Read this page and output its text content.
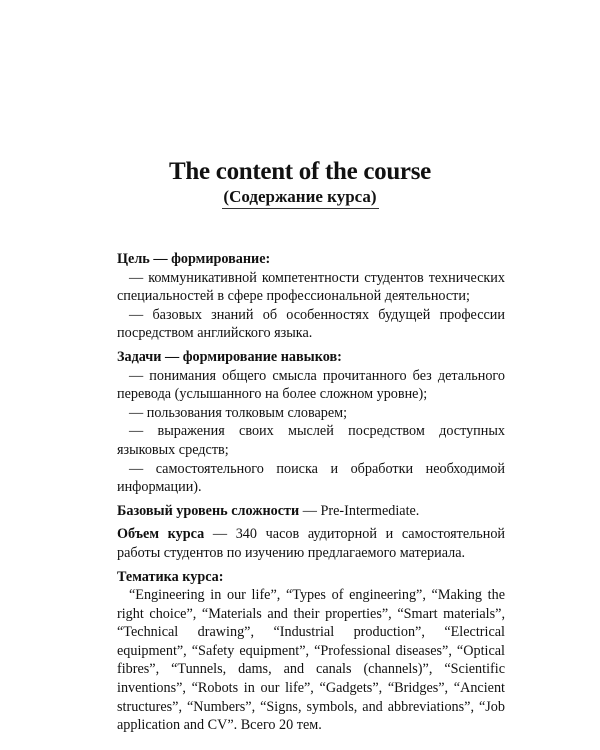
The content of the course
(Содержание курса)

Цель — формирование:

— коммуникативной компетентности студентов технических специальностей в сфере профессиональной деятельности;

— базовых знаний об особенностях будущей профессии посредством английского языка.

Задачи — формирование навыков:

— понимания общего смысла прочитанного без детального перевода (услышанного на более сложном уровне);

— пользования толковым словарем;

— выражения своих мыслей посредством доступных языковых средств;

— самостоятельного поиска и обработки необходимой информации).

Базовый уровень сложности — Pre-Intermediate.

Объем курса — 340 часов аудиторной и самостоятельной работы студентов по изучению предлагаемого материала.

Тематика курса:

“Engineering in our life”, “Types of engineering”, “Making the right choice”, “Materials and their properties”, “Smart materials”, “Technical drawing”, “Industrial production”, “Electrical equipment”, “Safety equipment”, “Professional diseases”, “Optical fibres”, “Tunnels, dams, and canals (channels)”, “Scientific inventions”, “Robots in our life”, “Gadgets”, “Bridges”, “Ancient structures”, “Numbers”, “Signs, symbols, and abbreviations”, “Job application and CV”. Всего 20 тем.
